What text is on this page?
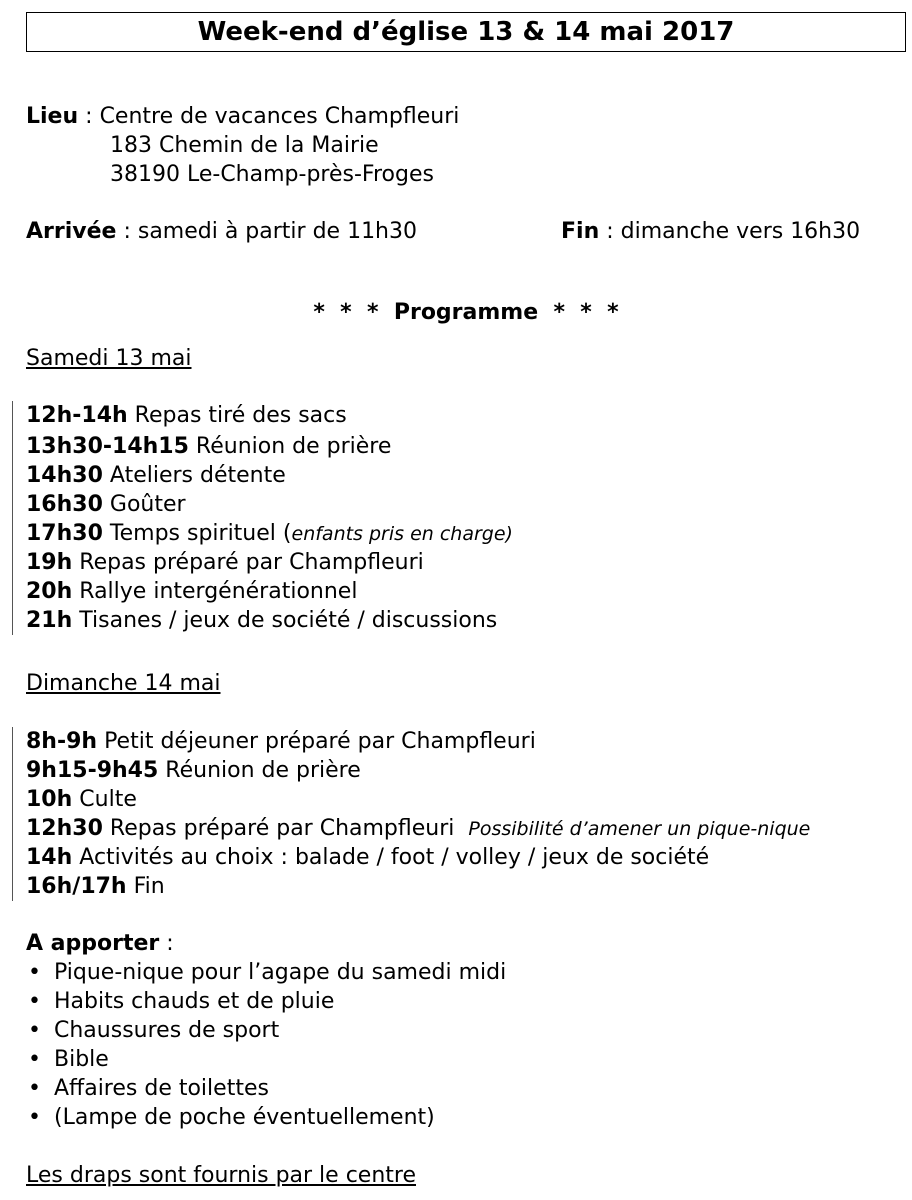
Week-end d’église 13 & 14 mai 2017
Lieu : Centre de vacances Champfleuri
183 Chemin de la Mairie
38190 Le-Champ-près-Froges
Arrivée : samedi à partir de 11h30	Fin : dimanche vers 16h30
*  *  *  Programme  *  *  *
Samedi 13 mai
12h-14h Repas tiré des sacs
13h30-14h15 Réunion de prière
14h30 Ateliers détente
16h30 Goûter
17h30 Temps spirituel (enfants pris en charge)
19h Repas préparé par Champfleuri
20h Rallye intergénérationnel
21h Tisanes / jeux de société / discussions
Dimanche 14 mai
8h-9h Petit déjeuner préparé par Champfleuri
9h15-9h45 Réunion de prière
10h Culte
12h30 Repas préparé par Champfleuri Possibilité d’amener un pique-nique
14h Activités au choix : balade / foot / volley / jeux de société
16h/17h Fin
A apporter :
• Pique-nique pour l’agape du samedi midi
• Habits chauds et de pluie
• Chaussures de sport
• Bible
• Affaires de toilettes
• (Lampe de poche éventuellement)
Les draps sont fournis par le centre
